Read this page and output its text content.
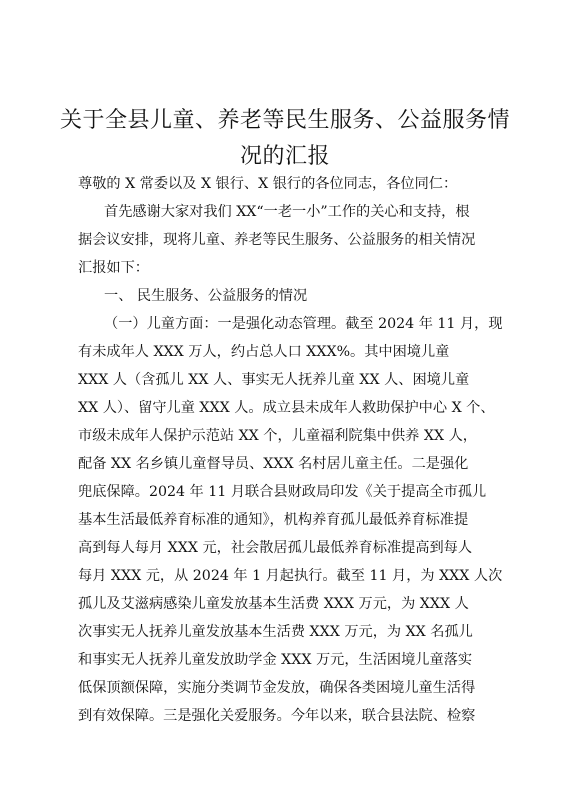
关于全县儿童、养老等民生服务、公益服务情
况的汇报

尊敬的 X 常委以及 X 银行、X 银行的各位同志，各位同仁：

首先感谢大家对我们 XX“一老一小”工作的关心和支持，根

据会议安排，现将儿童、养老等民生服务、公益服务的相关情况

汇报如下：

一、 民生服务、公益服务的情况

（一）儿童方面：一是强化动态管理。截至 2024 年 11 月，现

有未成年人 XXX 万人，约占总人口 XXX%。其中困境儿童

XXX 人（含孤儿 XX 人、事实无人抚养儿童 XX 人、困境儿童

XX 人）、留守儿童 XXX 人。成立县未成年人救助保护中心 X 个、

市级未成年人保护示范站 XX 个，儿童福利院集中供养 XX 人，

配备 XX 名乡镇儿童督导员、XXX 名村居儿童主任。二是强化

兜底保障。2024 年 11 月联合县财政局印发《关于提高全市孤儿

基本生活最低养育标准的通知》，机构养育孤儿最低养育标准提

高到每人每月 XXX 元，社会散居孤儿最低养育标准提高到每人

每月 XXX 元，从 2024 年 1 月起执行。截至 11 月，为 XXX 人次

孤儿及艾滋病感染儿童发放基本生活费 XXX 万元，为 XXX 人

次事实无人抚养儿童发放基本生活费 XXX 万元，为 XX 名孤儿

和事实无人抚养儿童发放助学金 XXX 万元，生活困境儿童落实

低保顶额保障，实施分类调节金发放，确保各类困境儿童生活得

到有效保障。三是强化关爱服务。今年以来，联合县法院、检察
